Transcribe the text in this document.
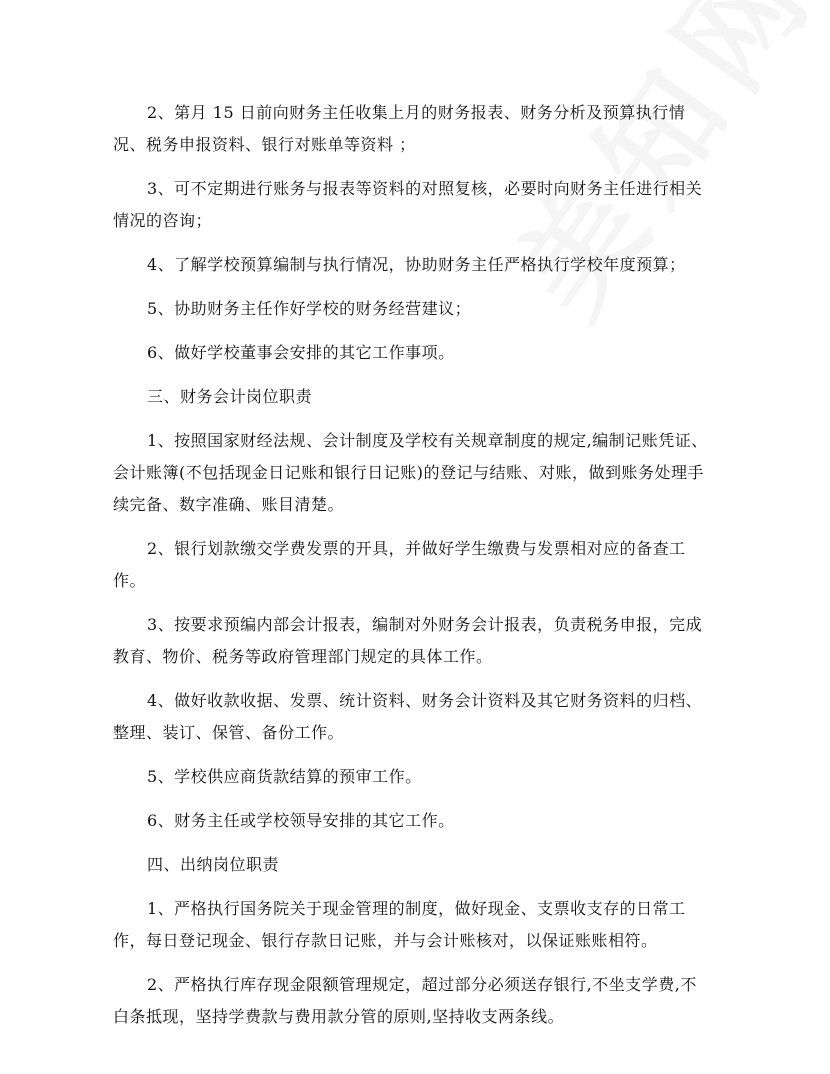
2、第月 15 日前向财务主任收集上月的财务报表、财务分析及预算执行情况、税务申报资料、银行对账单等资料 ；

3、可不定期进行账务与报表等资料的对照复核，必要时向财务主任进行相关情况的咨询；

4、了解学校预算编制与执行情况，协助财务主任严格执行学校年度预算；

5、协助财务主任作好学校的财务经营建议；

6、做好学校董事会安排的其它工作事项。

三、财务会计岗位职责

1、按照国家财经法规、会计制度及学校有关规章制度的规定,编制记账凭证、会计账簿(不包括现金日记账和银行日记账)的登记与结账、对账，做到账务处理手续完备、数字准确、账目清楚。

2、银行划款缴交学费发票的开具，并做好学生缴费与发票相对应的备查工作。

3、按要求预编内部会计报表，编制对外财务会计报表，负责税务申报，完成教育、物价、税务等政府管理部门规定的具体工作。

4、做好收款收据、发票、统计资料、财务会计资料及其它财务资料的归档、整理、装订、保管、备份工作。

5、学校供应商货款结算的预审工作。

6、财务主任或学校领导安排的其它工作。

四、出纳岗位职责

1、严格执行国务院关于现金管理的制度，做好现金、支票收支存的日常工作，每日登记现金、银行存款日记账，并与会计账核对，以保证账账相符。

2、严格执行库存现金限额管理规定，超过部分必须送存银行,不坐支学费,不白条抵现，坚持学费款与费用款分管的原则,坚持收支两条线。
